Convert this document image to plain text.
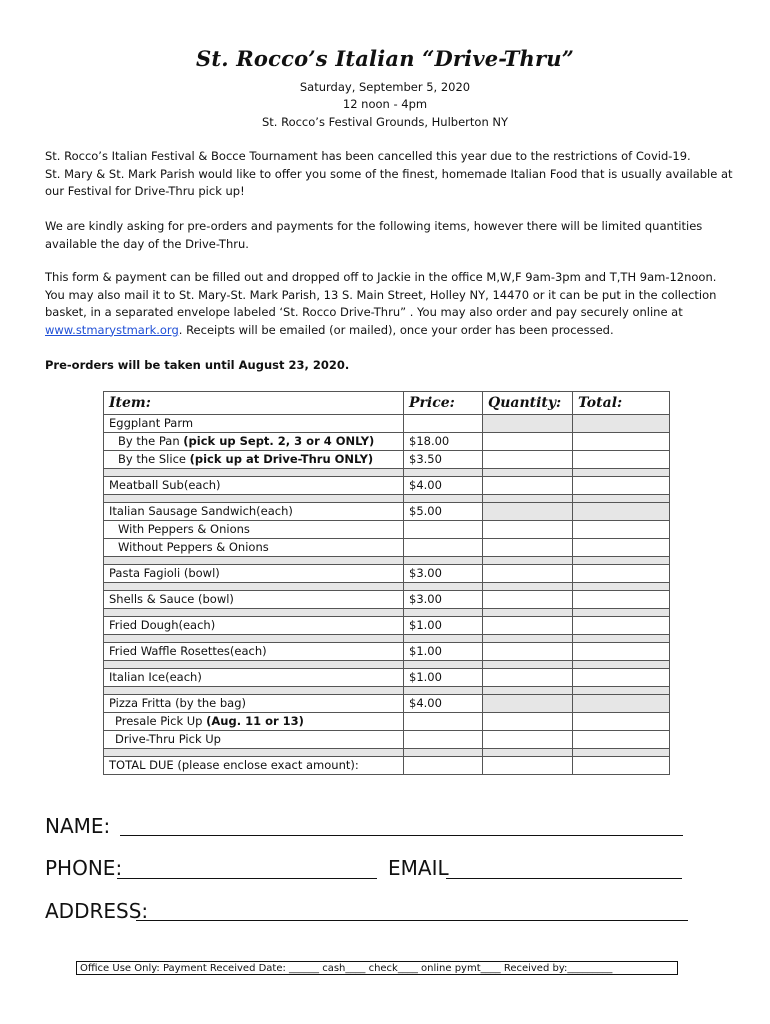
St. Rocco’s Italian “Drive-Thru”
Saturday, September 5, 2020
12 noon - 4pm
St. Rocco’s Festival Grounds, Hulberton NY

St. Rocco’s Italian Festival & Bocce Tournament has been cancelled this year due to the restrictions of Covid-19.

St. Mary & St. Mark Parish would like to offer you some of the finest, homemade Italian Food that is usually available at

our Festival for Drive-Thru pick up!

We are kindly asking for pre-orders and payments for the following items, however there will be limited quantities

available the day of the Drive-Thru.

This form & payment can be filled out and dropped off to Jackie in the office M,W,F 9am-3pm and T,TH 9am-12noon.

You may also mail it to St. Mary-St. Mark Parish, 13 S. Main Street, Holley NY, 14470 or it can be put in the collection

basket, in a separated envelope labeled ‘St. Rocco Drive-Thru” . You may also order and pay securely online at

www.stmarystmark.org. Receipts will be emailed (or mailed), once your order has been processed.

Pre-orders will be taken until August 23, 2020.
Item:	Price:	Quantity:	Total:
Eggplant Parm			
By the Pan (pick up Sept. 2, 3 or 4 ONLY)	$18.00		
By the Slice (pick up at Drive-Thru ONLY)	$3.50		

Meatball Sub(each)	$4.00		

Italian Sausage Sandwich(each)	$5.00		
With Peppers & Onions			
Without Peppers & Onions			

Pasta Fagioli (bowl)	$3.00		

Shells & Sauce (bowl)	$3.00		

Fried Dough(each)	$1.00		

Fried Waffle Rosettes(each)	$1.00		

Italian Ice(each)	$1.00		

Pizza Fritta (by the bag)	$4.00		
Presale Pick Up (Aug. 11 or 13)			
Drive-Thru Pick Up			

TOTAL DUE (please enclose exact amount):			
NAME:
PHONE:	EMAIL
ADDRESS:
Office Use Only: Payment Received Date: ______ cash____ check____ online pymt____ Received by:_________
